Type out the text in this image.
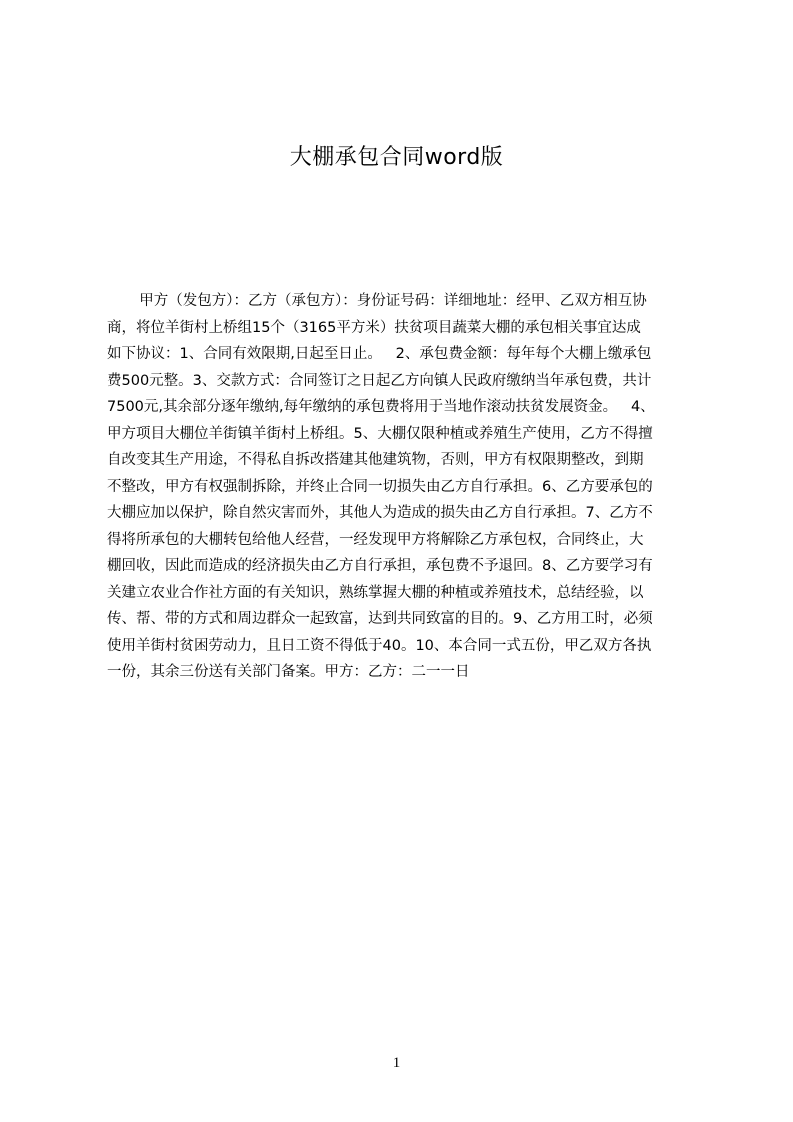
大棚承包合同word版
甲方（发包方）：乙方（承包方）：身份证号码：详细地址：经甲、乙双方相互协
商，将位羊街村上桥组15个（3165平方米）扶贫项目蔬菜大棚的承包相关事宜达成
如下协议：1、合同有效限期,日起至日止。   2、承包费金额：每年每个大棚上缴承包
费500元整。3、交款方式：合同签订之日起乙方向镇人民政府缴纳当年承包费，共计
7500元,其余部分逐年缴纳,每年缴纳的承包费将用于当地作滚动扶贫发展资金。   4、
甲方项目大棚位羊街镇羊街村上桥组。5、大棚仅限种植或养殖生产使用，乙方不得擅
自改变其生产用途，不得私自拆改搭建其他建筑物，否则，甲方有权限期整改，到期
不整改，甲方有权强制拆除，并终止合同一切损失由乙方自行承担。6、乙方要承包的
大棚应加以保护，除自然灾害而外，其他人为造成的损失由乙方自行承担。7、乙方不
得将所承包的大棚转包给他人经营，一经发现甲方将解除乙方承包权，合同终止，大
棚回收，因此而造成的经济损失由乙方自行承担，承包费不予退回。8、乙方要学习有
关建立农业合作社方面的有关知识，熟练掌握大棚的种植或养殖技术，总结经验，以
传、帮、带的方式和周边群众一起致富，达到共同致富的目的。9、乙方用工时，必须
使用羊街村贫困劳动力，且日工资不得低于40。10、本合同一式五份，甲乙双方各执
一份，其余三份送有关部门备案。甲方：乙方：二一一日
1
